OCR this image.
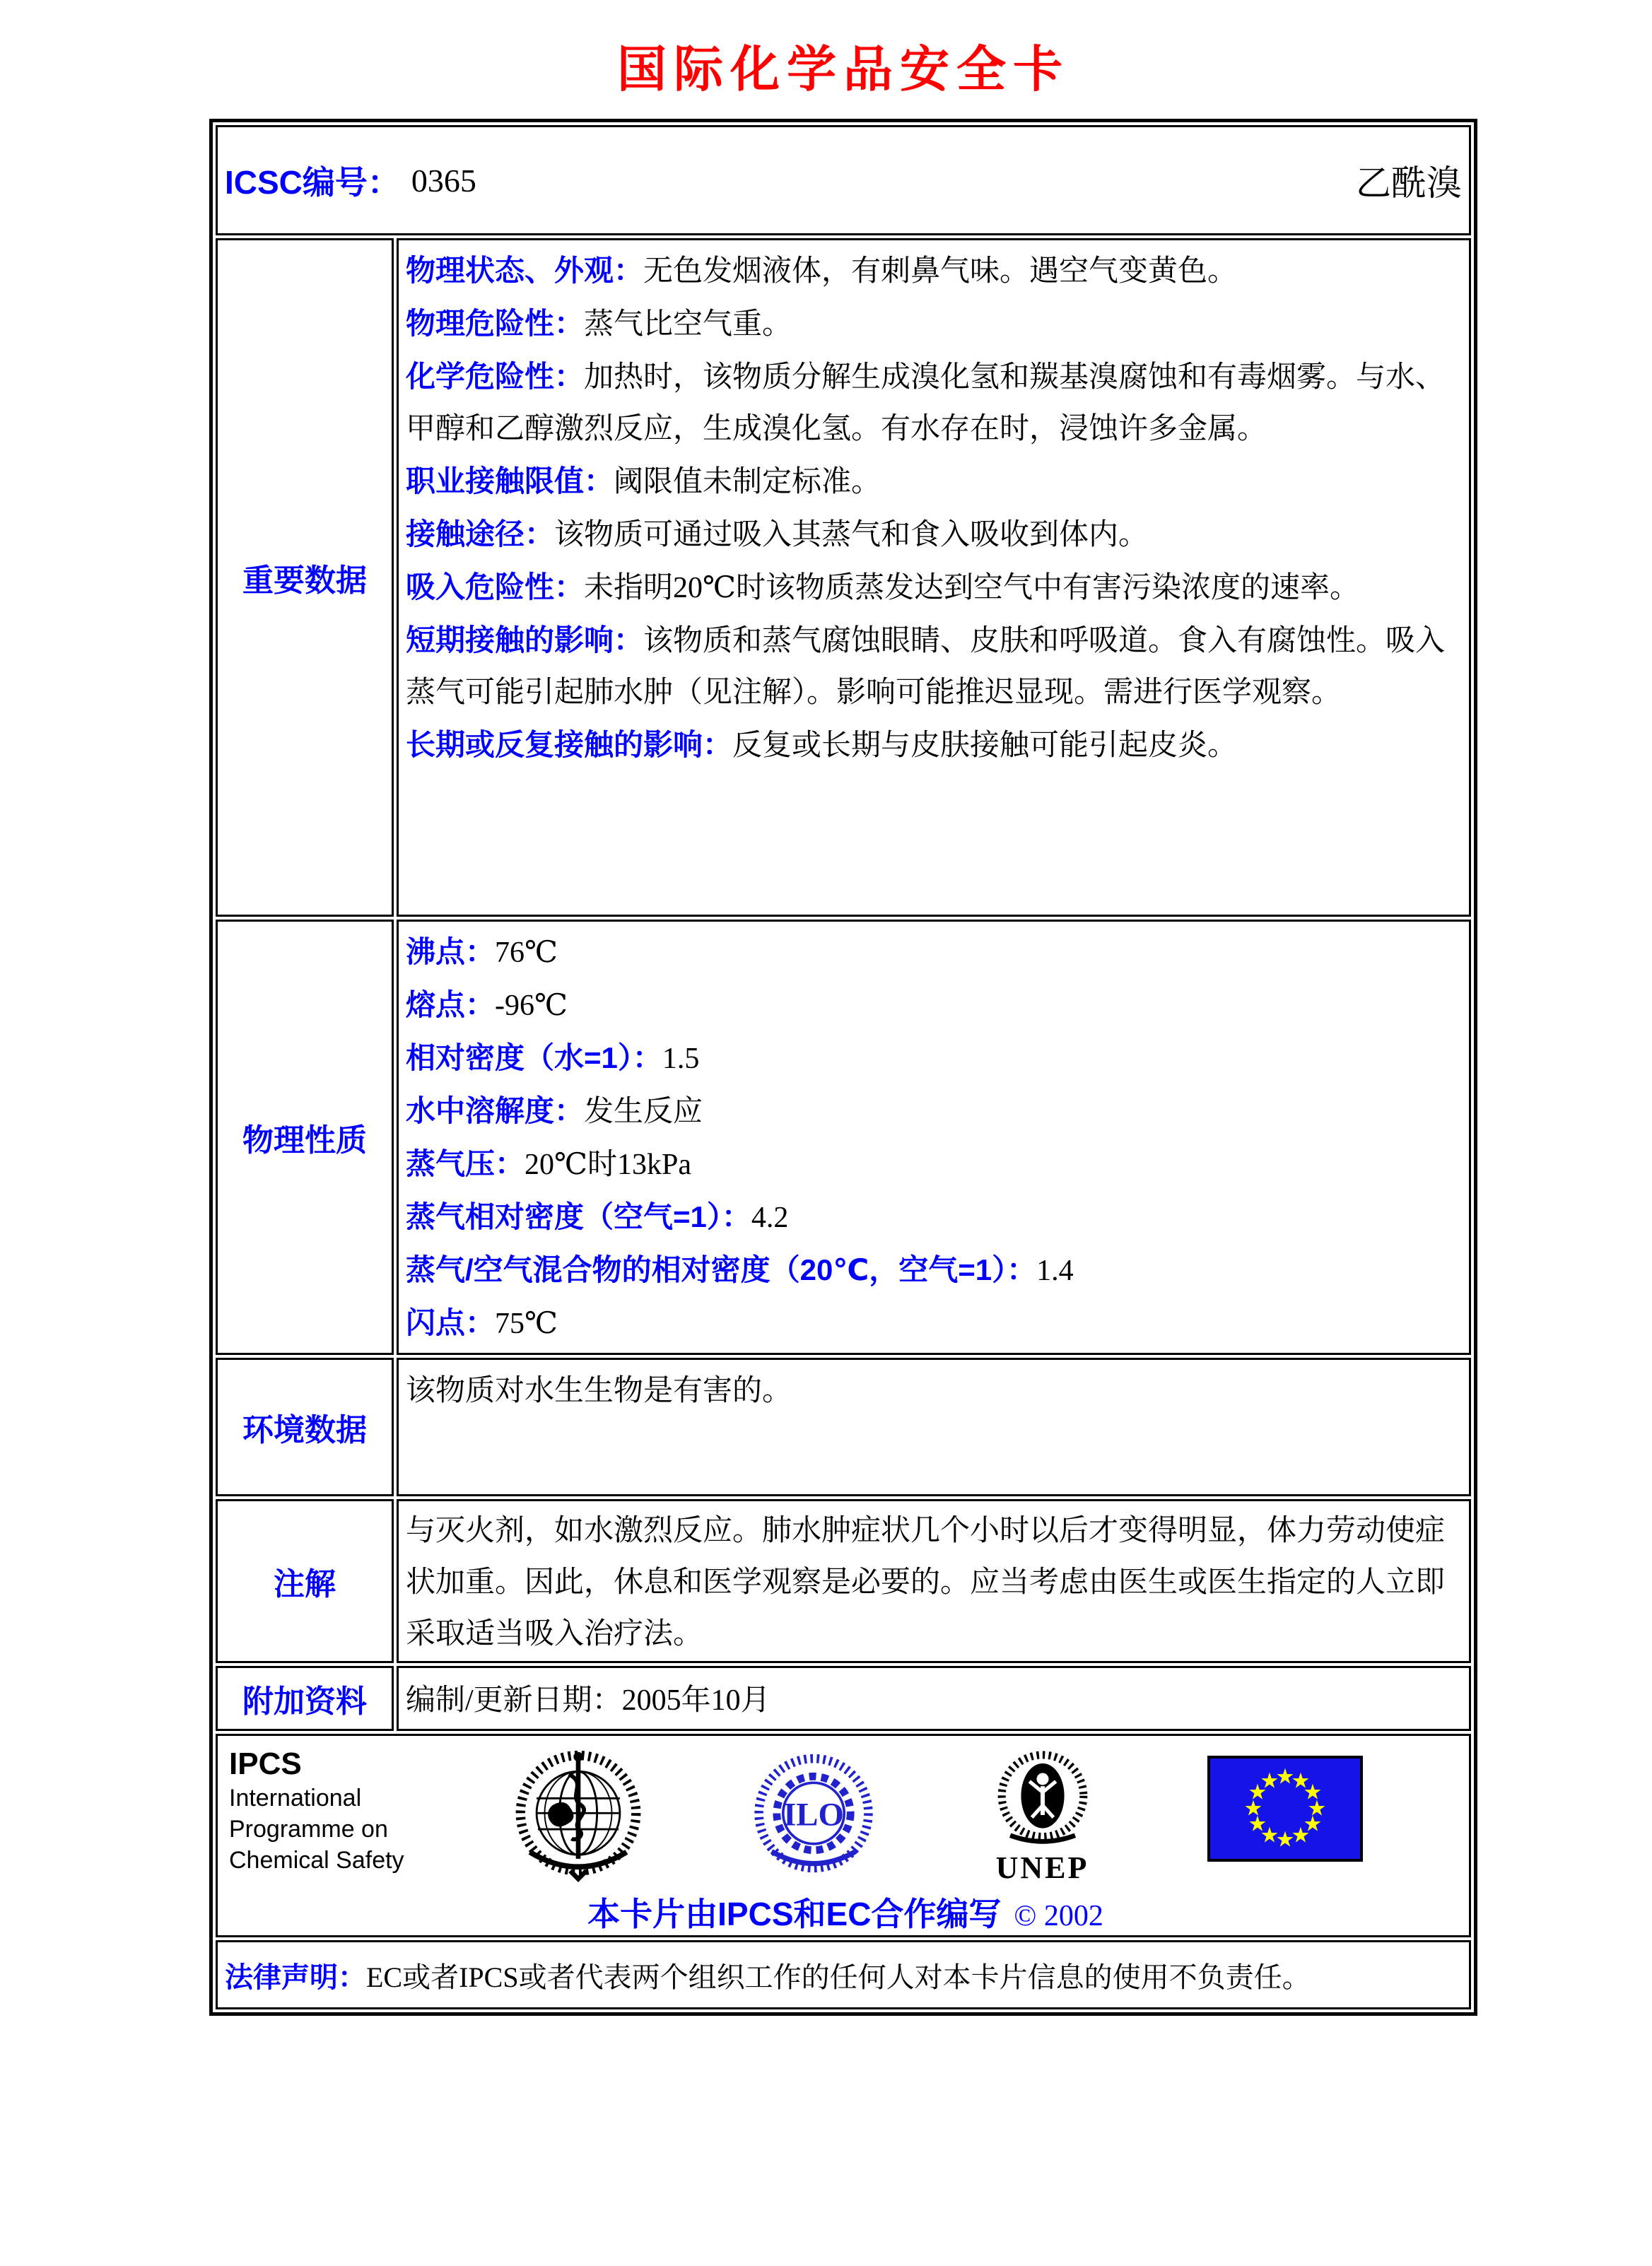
国际化学品安全卡
ICSC编号： 0365	乙酰溴
重要数据

物理状态、外观：无色发烟液体，有刺鼻气味。遇空气变黄色。

物理危险性：蒸气比空气重。

化学危险性：加热时，该物质分解生成溴化氢和羰基溴腐蚀和有毒烟雾。与水、甲醇和乙醇激烈反应，生成溴化氢。有水存在时，浸蚀许多金属。

职业接触限值：阈限值未制定标准。

接触途径：该物质可通过吸入其蒸气和食入吸收到体内。

吸入危险性：未指明20℃时该物质蒸发达到空气中有害污染浓度的速率。

短期接触的影响：该物质和蒸气腐蚀眼睛、皮肤和呼吸道。食入有腐蚀性。吸入蒸气可能引起肺水肿（见注解）。影响可能推迟显现。需进行医学观察。

长期或反复接触的影响：反复或长期与皮肤接触可能引起皮炎。

物理性质

沸点：76℃

熔点：-96℃

相对密度（水=1）：1.5

水中溶解度：发生反应

蒸气压：20℃时13kPa

蒸气相对密度（空气=1）：4.2

蒸气/空气混合物的相对密度（20℃，空气=1）：1.4

闪点：75℃

环境数据

该物质对水生生物是有害的。

注解

与灭火剂，如水激烈反应。肺水肿症状几个小时以后才变得明显，体力劳动使症状加重。因此，休息和医学观察是必要的。应当考虑由医生或医生指定的人立即采取适当吸入治疗法。

附加资料 编制/更新日期：2005年10月

IPCS
International
Programme on
Chemical Safety
ILO
UNEP
★
★
★
★
★
★
★
★
★
★
★
★
本卡片由IPCS和EC合作编写 © 2002
法律声明： EC或者IPCS或者代表两个组织工作的任何人对本卡片信息的使用不负责任。
